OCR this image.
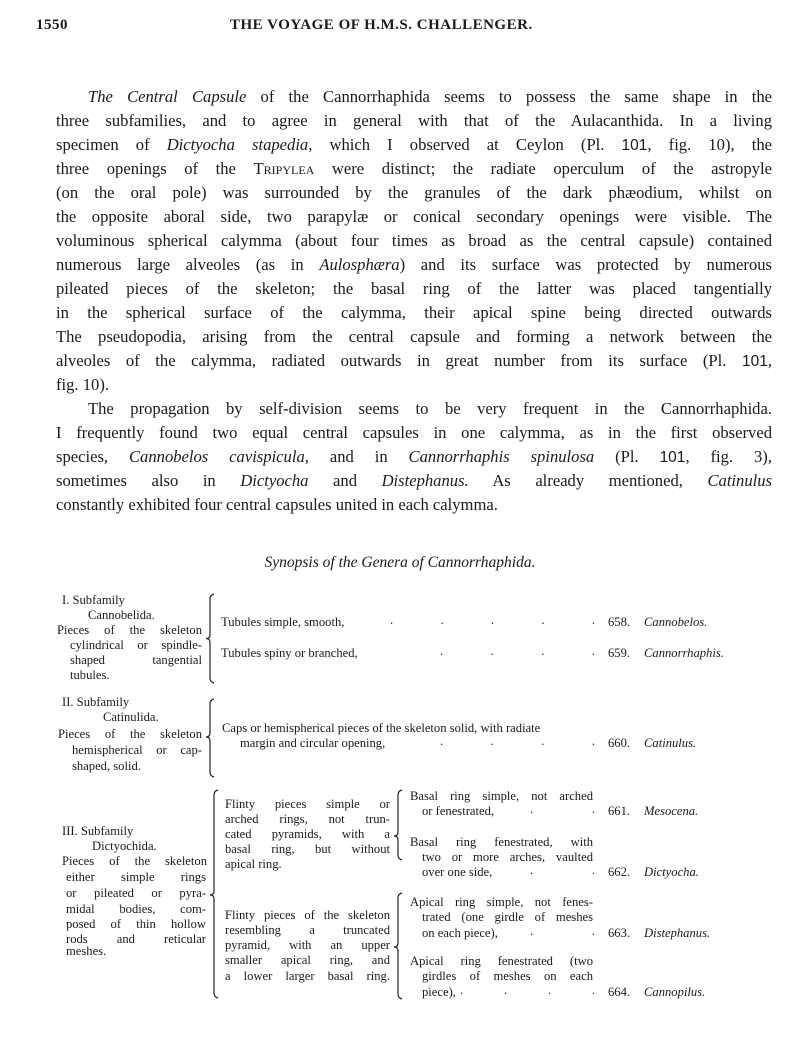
1550	THE VOYAGE OF H.M.S. CHALLENGER.
The Central Capsule of the Cannorrhaphida seems to possess the same shape in the
three subfamilies, and to agree in general with that of the Aulacanthida. In a living
specimen of Dictyocha stapedia, which I observed at Ceylon (Pl. 101, fig. 10), the
three openings of the Tripylea were distinct; the radiate operculum of the astropyle
(on the oral pole) was surrounded by the granules of the dark phæodium, whilst on
the opposite aboral side, two parapylæ or conical secondary openings were visible. The
voluminous spherical calymma (about four times as broad as the central capsule) contained
numerous large alveoles (as in Aulosphæra) and its surface was protected by numerous
pileated pieces of the skeleton; the basal ring of the latter was placed tangentially
in the spherical surface of the calymma, their apical spine being directed outwards
The pseudopodia, arising from the central capsule and forming a network between the
alveoles of the calymma, radiated outwards in great number from its surface (Pl. 101,
fig. 10).
The propagation by self-division seems to be very frequent in the Cannorrhaphida.
I frequently found two equal central capsules in one calymma, as in the first observed
species, Cannobelos cavispicula, and in Cannorrhaphis spinulosa (Pl. 101, fig. 3),
sometimes also in Dictyocha and Distephanus. As already mentioned, Catinulus
constantly exhibited four central capsules united in each calymma.
Synopsis of the Genera of Cannorrhaphida.
I. Subfamily
Cannobelida.
Pieces of the skeleton
cylindrical or spindle-
shaped tangential
tubules.
Tubules simple, smooth,	. . . . . 658. Cannobelos.
Tubules spiny or branched,	. . . . 659. Cannorrhaphis.
II. Subfamily
Catinulida.
Pieces of the skeleton
hemispherical or cap-
shaped, solid.
Caps or hemispherical pieces of the skeleton solid, with radiate
margin and circular opening,	. . . . 660. Catinulus.
III. Subfamily
Dictyochida.
Pieces of the skeleton
either simple rings
or pileated or pyra-
midal bodies, com-
posed of thin hollow
rods and reticular
meshes.
Flinty pieces simple or
arched rings, not trun-
cated pyramids, with a
basal ring, but without
apical ring.
Flinty pieces of the skeleton
resembling a truncated
pyramid, with an upper
smaller apical ring, and
a lower larger basal ring.
Basal ring simple, not arched
or fenestrated,	. . 661. Mesocena.
Basal ring fenestrated, with
two or more arches, vaulted
over one side,	. . 662. Dictyocha.
Apical ring simple, not fenes-
trated (one girdle of meshes
on each piece),	. . 663. Distephanus.
Apical ring fenestrated (two
girdles of meshes on each
piece), . . . . 664. Cannopilus.
